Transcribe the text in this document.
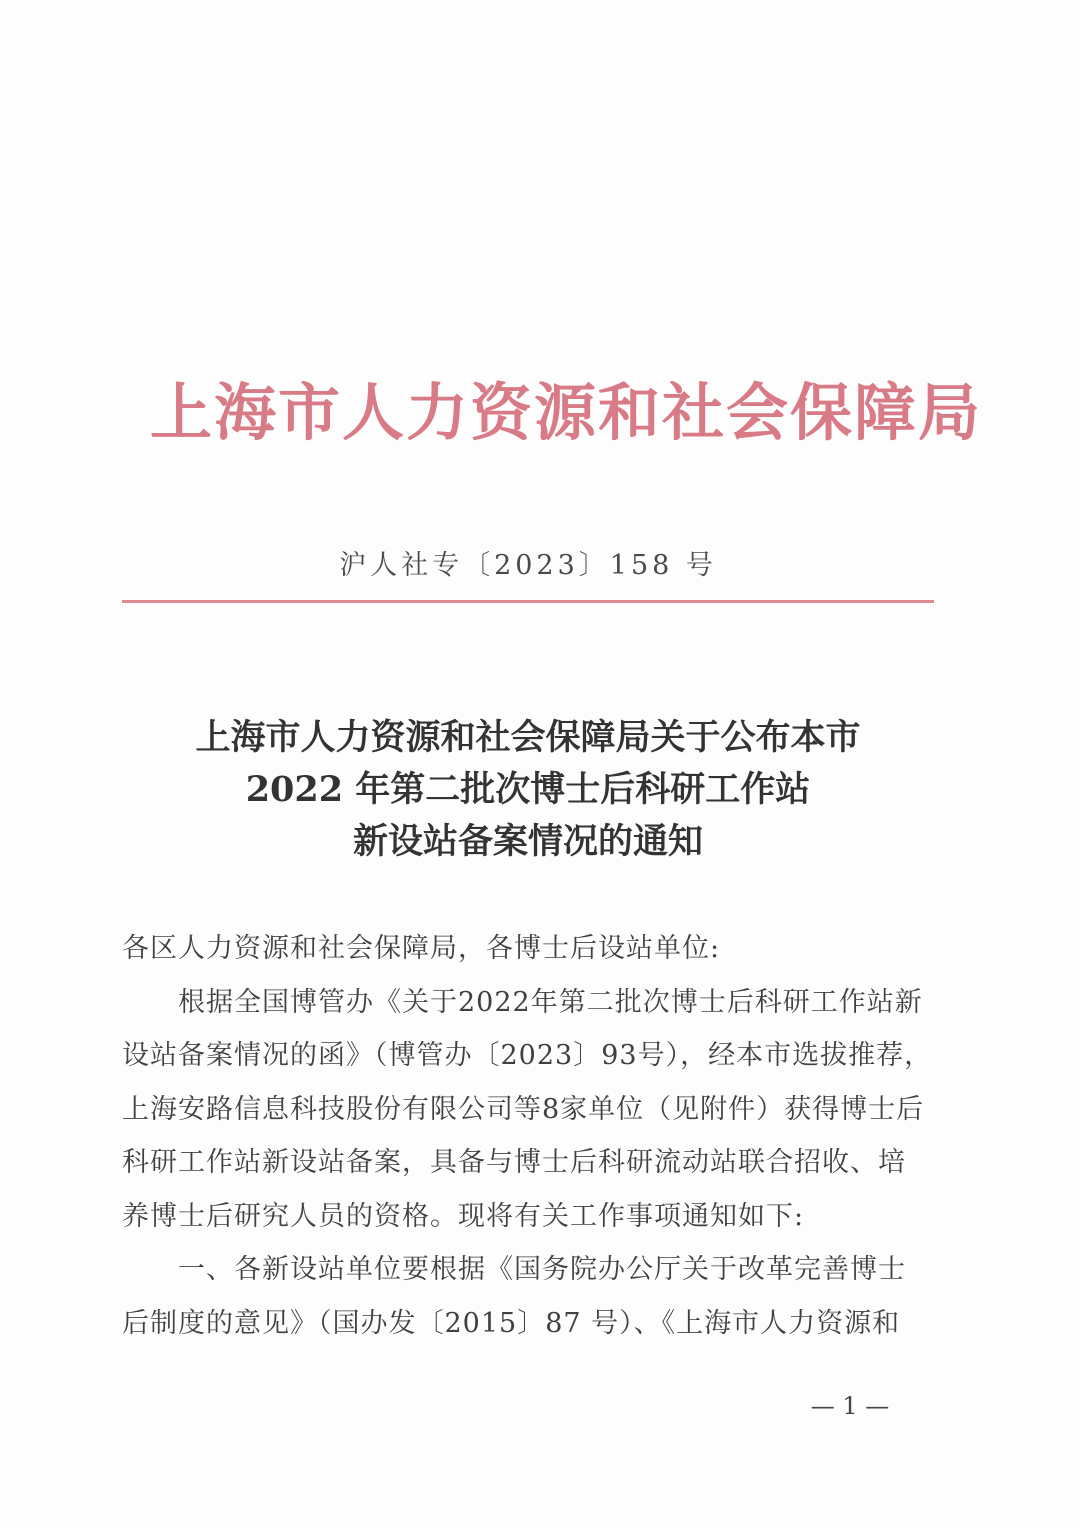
上海市人力资源和社会保障局
沪人社专〔2023〕158 号
上海市人力资源和社会保障局关于公布本市
2022 年第二批次博士后科研工作站
新设站备案情况的通知
各区人力资源和社会保障局，各博士后设站单位:
根据全国博管办《关于2022年第二批次博士后科研工作站新
设站备案情况的函》（博管办〔2023〕93号），经本市选拔推荐，
上海安路信息科技股份有限公司等8家单位（见附件）获得博士后
科研工作站新设站备案，具备与博士后科研流动站联合招收、培
养博士后研究人员的资格。现将有关工作事项通知如下:
一、各新设站单位要根据《国务院办公厅关于改革完善博士
后制度的意见》（国办发〔2015〕87 号）、《上海市人力资源和
— 1 —
